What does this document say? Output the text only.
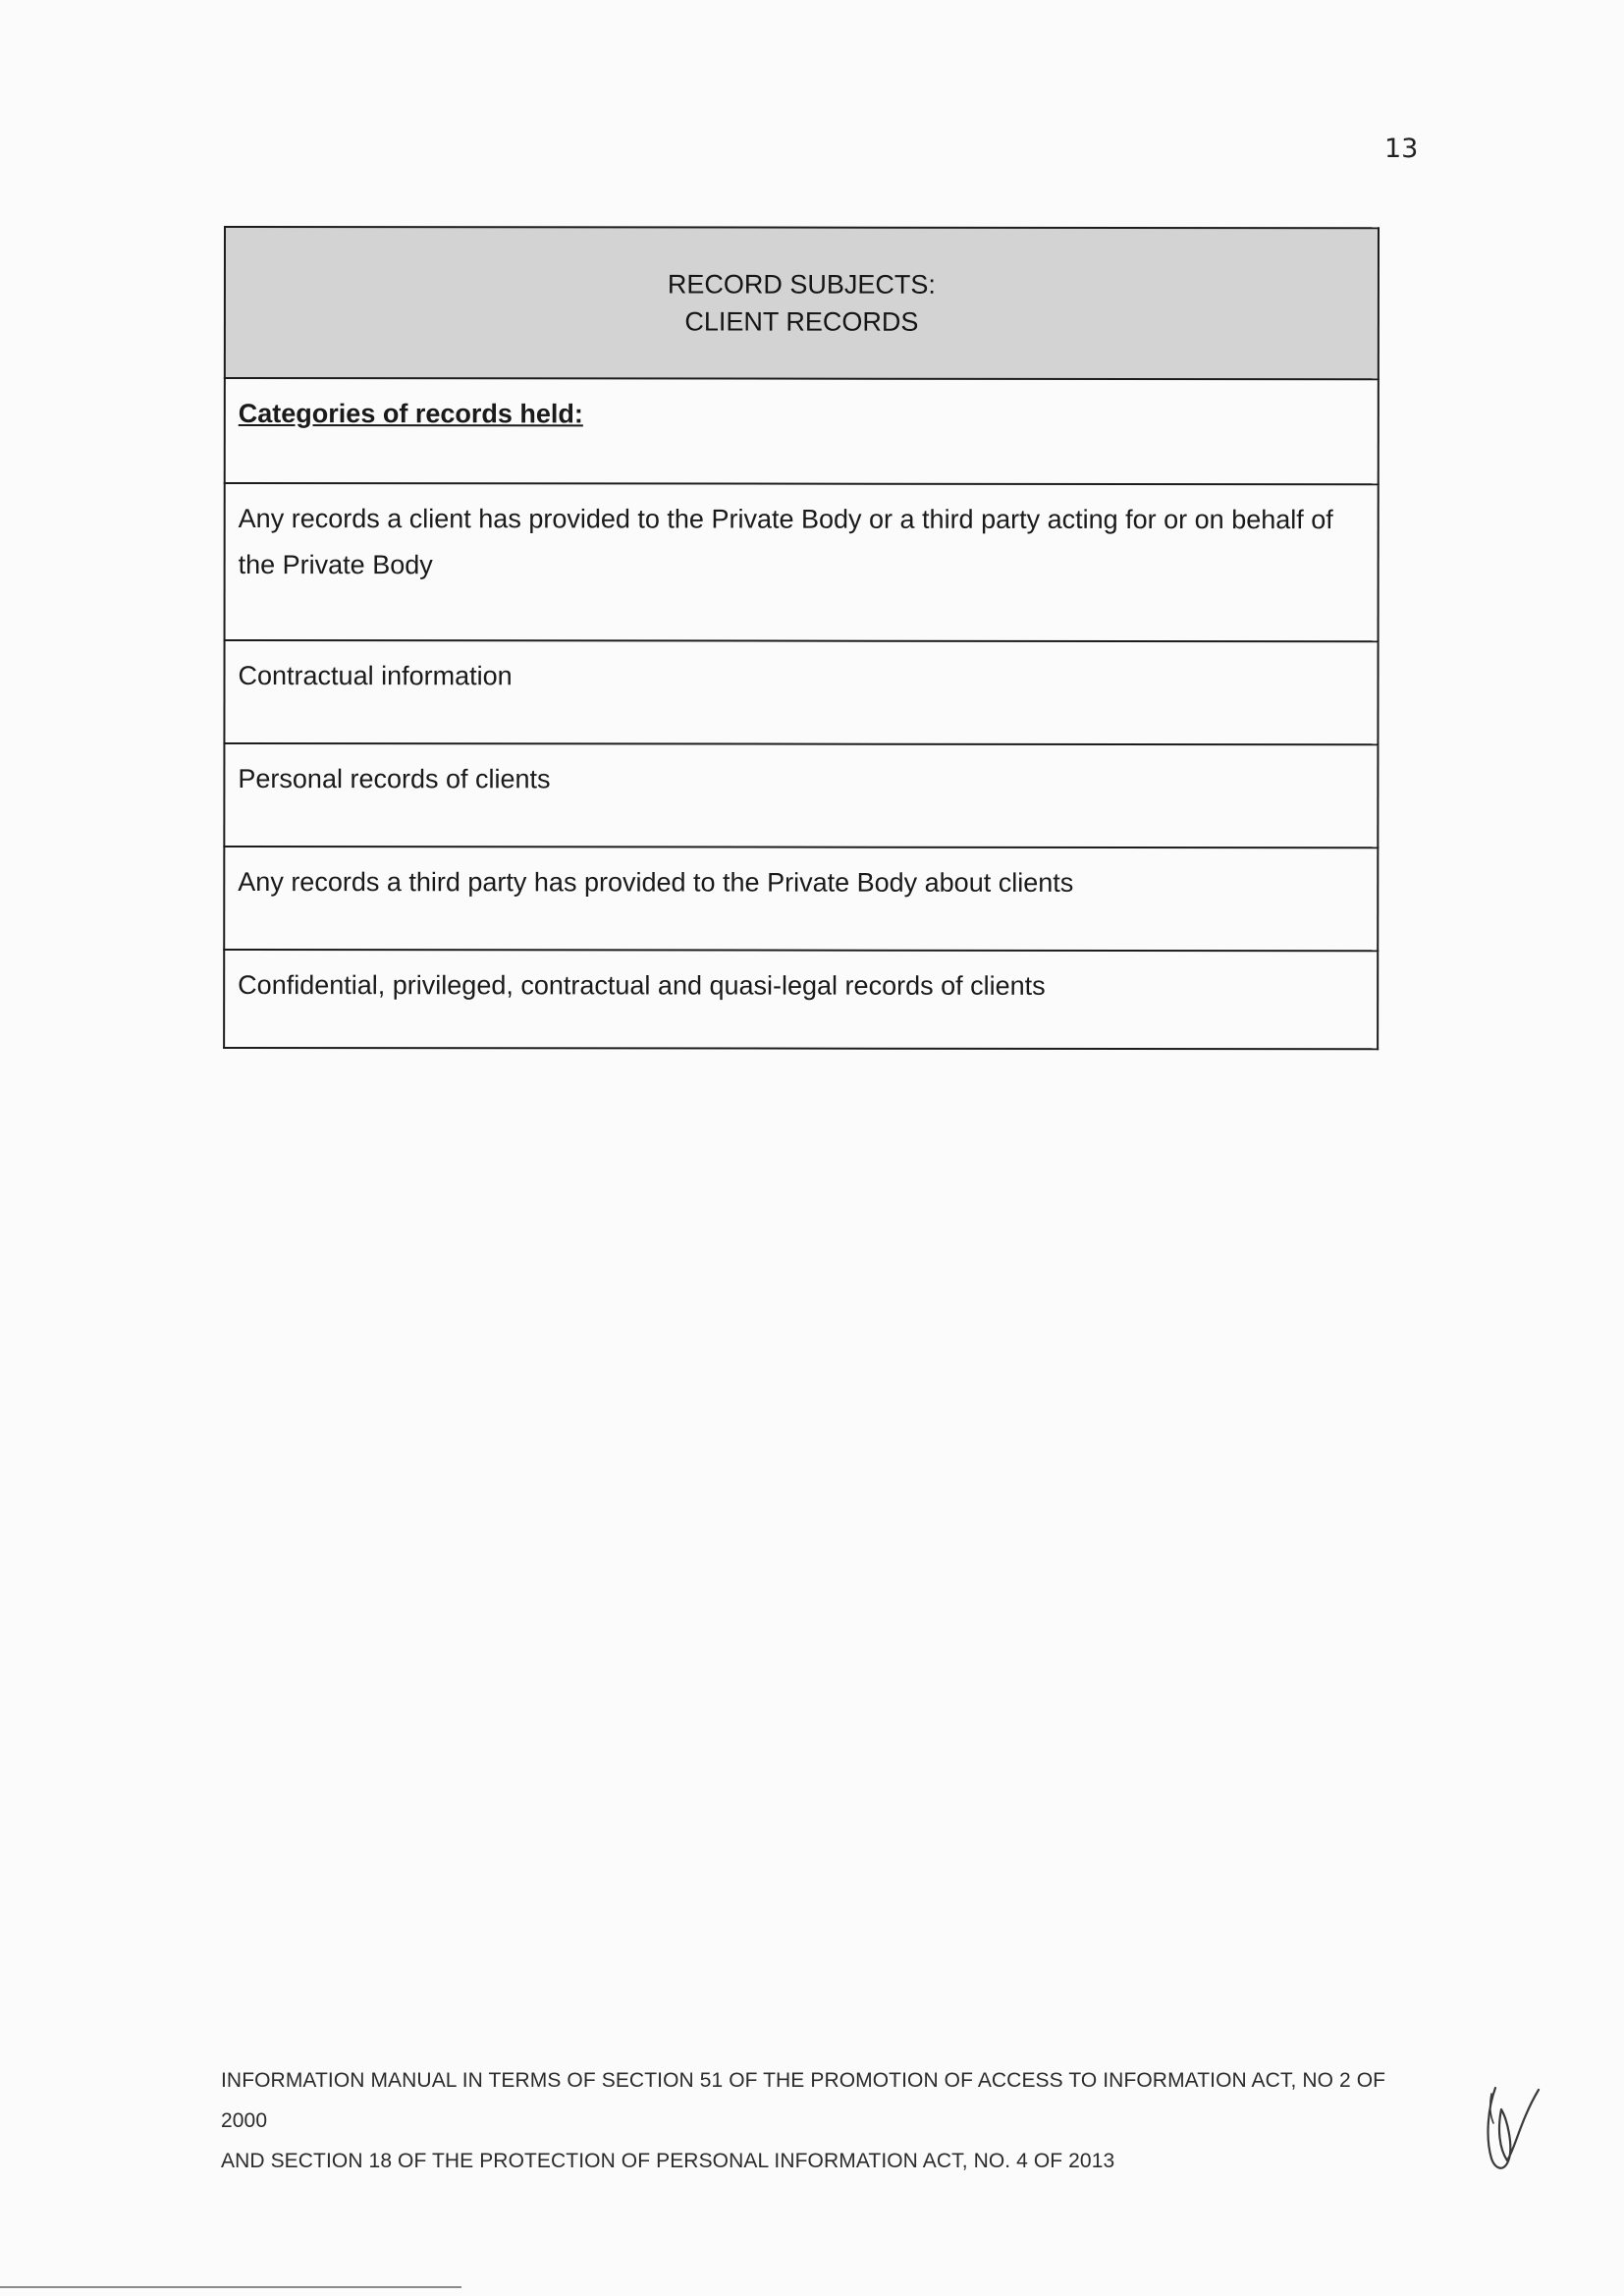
13
RECORD SUBJECTS:
CLIENT RECORDS

Categories of records held:

Any records a client has provided to the Private Body or a third party acting for or on behalf of the Private Body

Contractual information

Personal records of clients

Any records a third party has provided to the Private Body about clients

Confidential, privileged, contractual and quasi-legal records of clients
INFORMATION MANUAL IN TERMS OF SECTION 51 OF THE PROMOTION OF ACCESS TO INFORMATION ACT, NO 2 OF 2000
AND SECTION 18 OF THE PROTECTION OF PERSONAL INFORMATION ACT, NO. 4 OF 2013
